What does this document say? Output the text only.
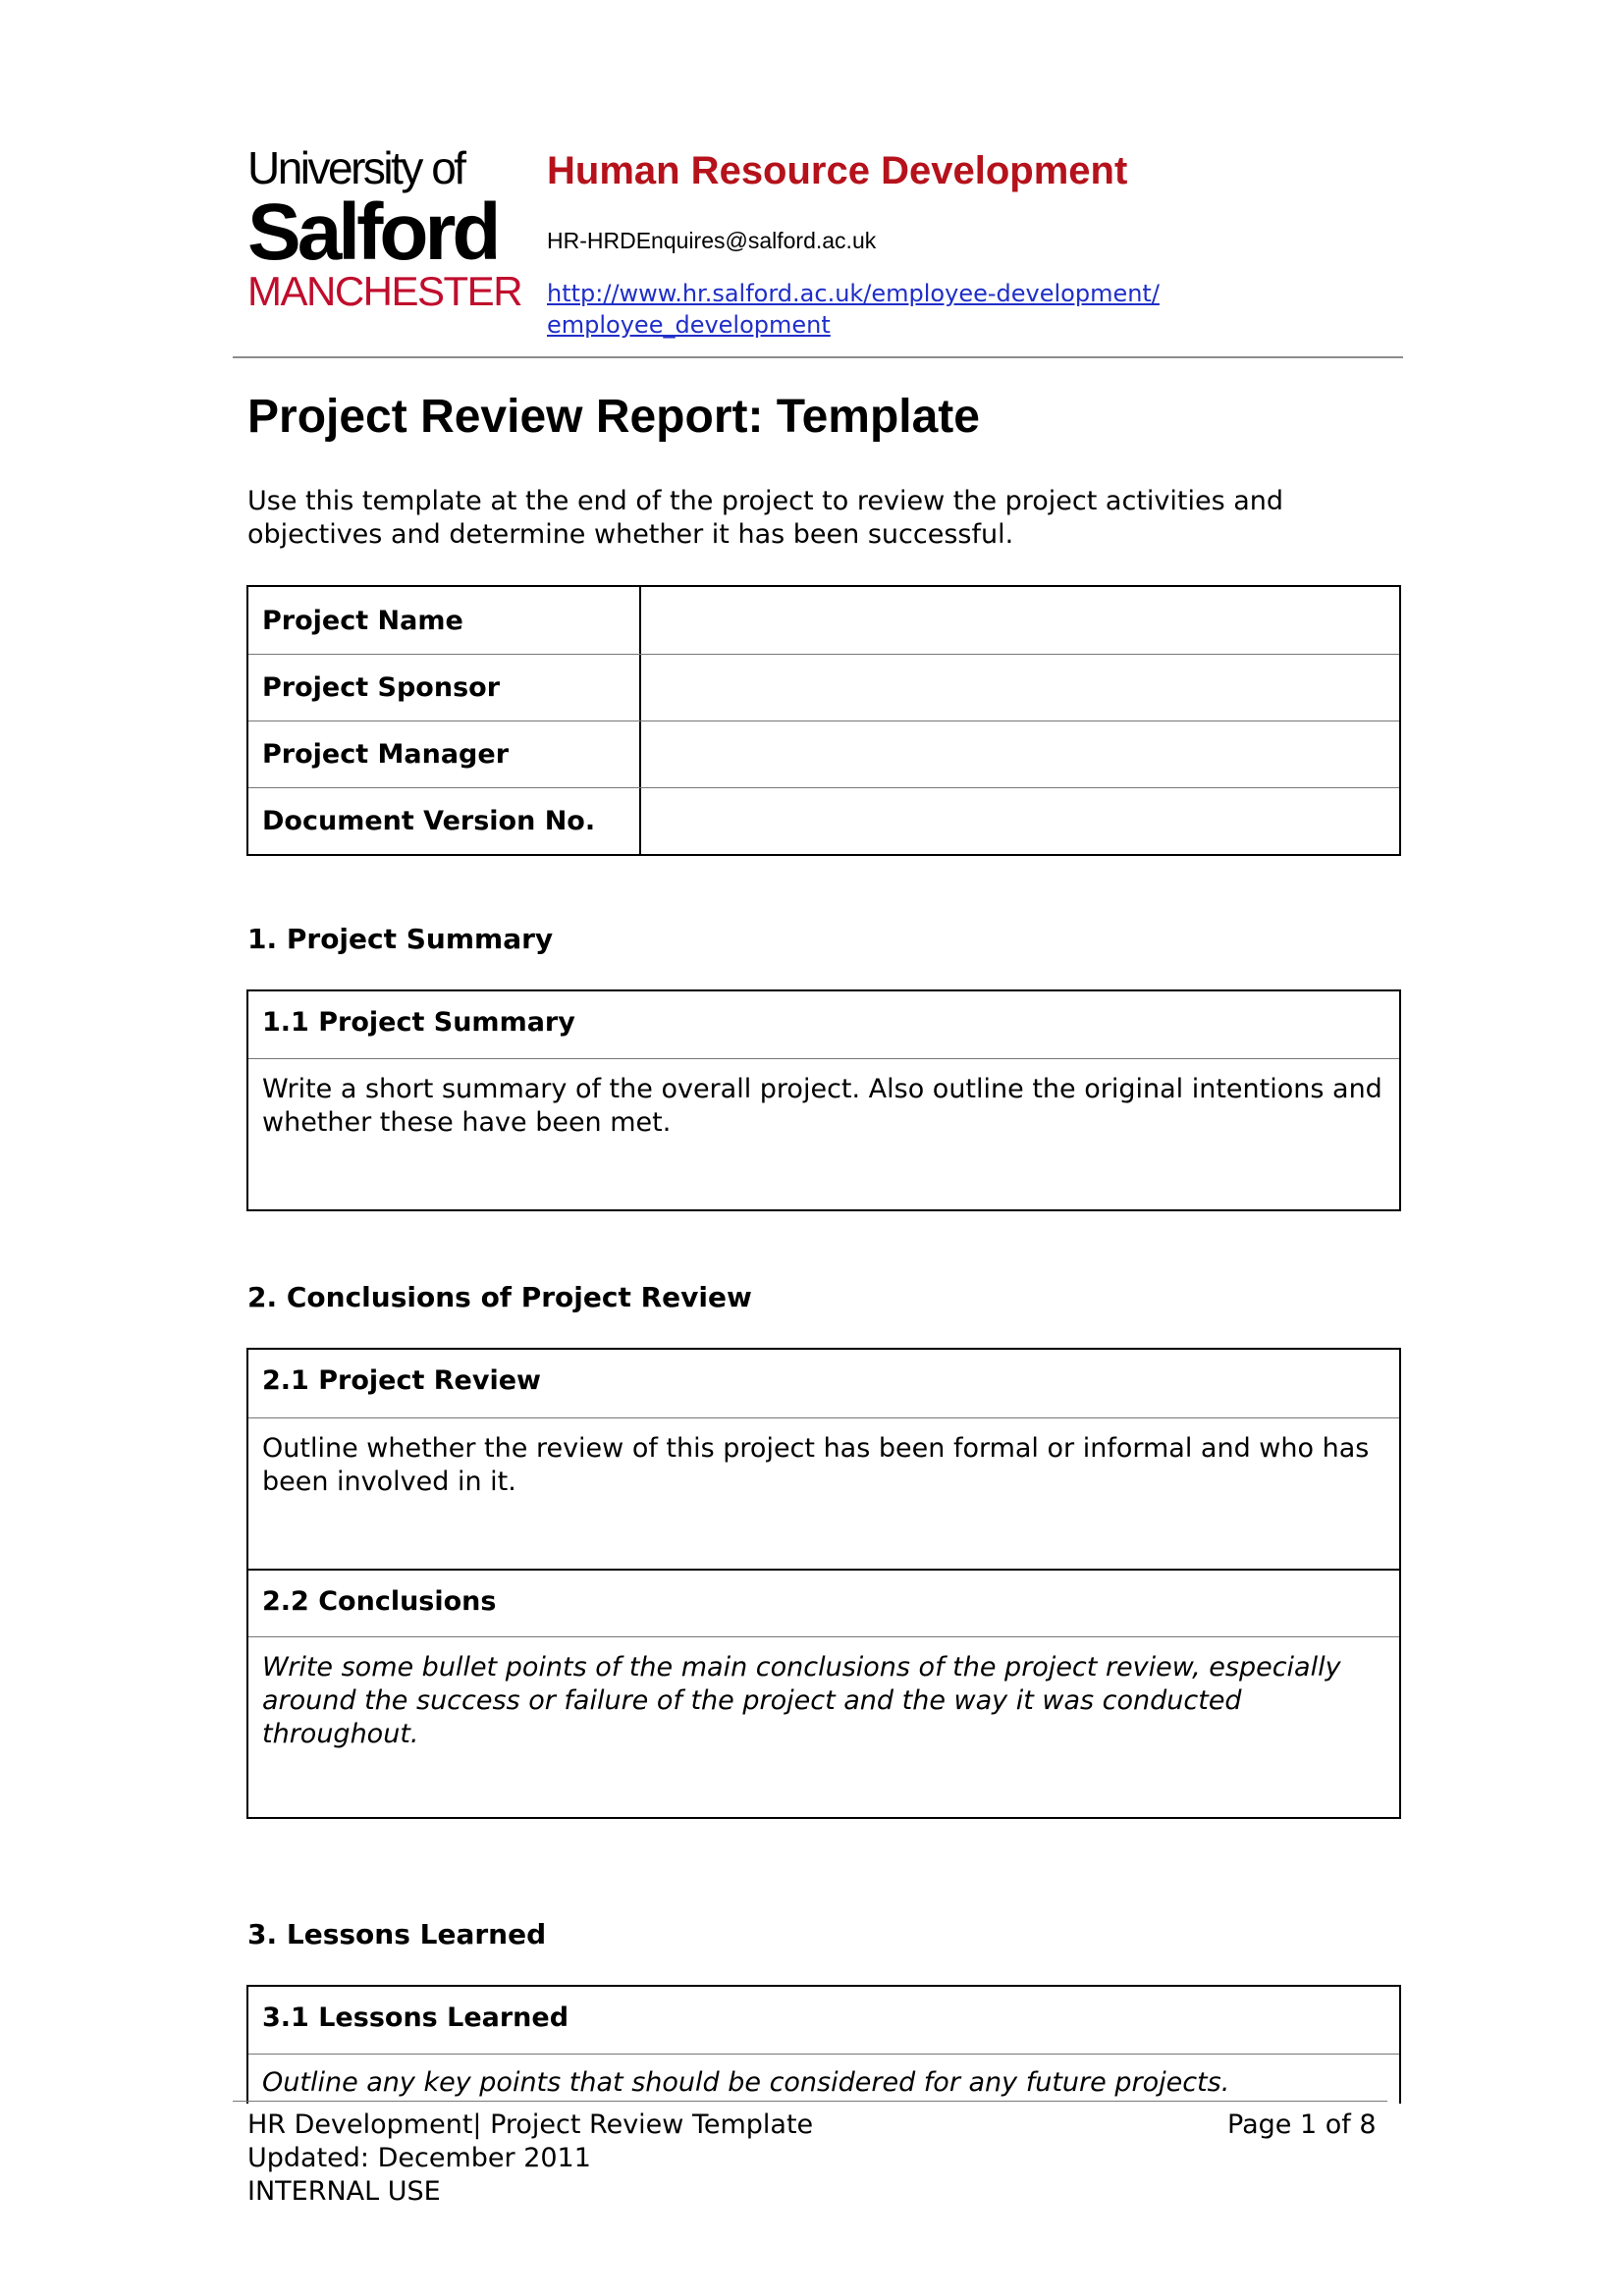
University of
Salford
MANCHESTER
Human Resource Development
HR-HRDEnquires@salford.ac.uk
http://www.hr.salford.ac.uk/employee-development/
employee_development
Project Review Report: Template
Use this template at the end of the project to review the project activities and objectives and determine whether it has been successful.
Project Name
Project Sponsor
Project Manager
Document Version No.
1. Project Summary
1.1 Project Summary
Write a short summary of the overall project. Also outline the original intentions and whether these have been met.
2. Conclusions of Project Review
2.1 Project Review
Outline whether the review of this project has been formal or informal and who has been involved in it.
2.2 Conclusions
Write some bullet points of the main conclusions of the project review, especially around the success or failure of the project and the way it was conducted throughout.
3. Lessons Learned
3.1 Lessons Learned
Outline any key points that should be considered for any future projects.
HR Development| Project Review Template
Updated: December 2011
INTERNAL USE
Page 1 of 8
